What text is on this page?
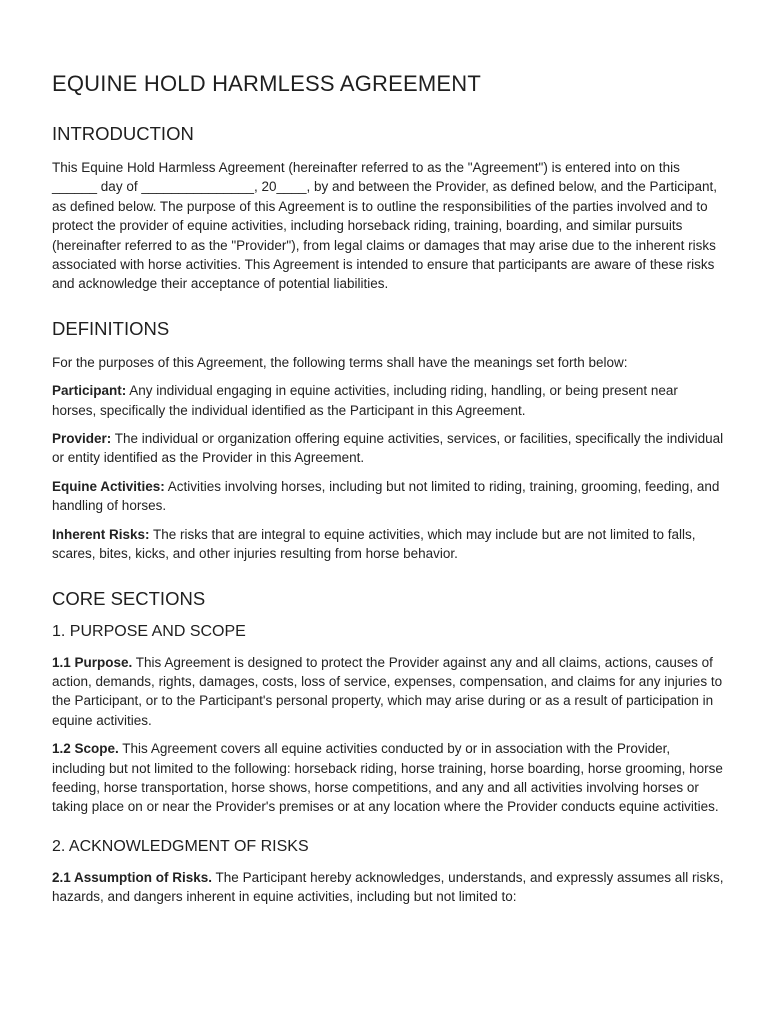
EQUINE HOLD HARMLESS AGREEMENT
INTRODUCTION

This Equine Hold Harmless Agreement (hereinafter referred to as the "Agreement") is entered into on this ______ day of _______________, 20____, by and between the Provider, as defined below, and the Participant, as defined below. The purpose of this Agreement is to outline the responsibilities of the parties involved and to protect the provider of equine activities, including horseback riding, training, boarding, and similar pursuits (hereinafter referred to as the "Provider"), from legal claims or damages that may arise due to the inherent risks associated with horse activities. This Agreement is intended to ensure that participants are aware of these risks and acknowledge their acceptance of potential liabilities.

DEFINITIONS

For the purposes of this Agreement, the following terms shall have the meanings set forth below:

Participant: Any individual engaging in equine activities, including riding, handling, or being present near horses, specifically the individual identified as the Participant in this Agreement.

Provider: The individual or organization offering equine activities, services, or facilities, specifically the individual or entity identified as the Provider in this Agreement.

Equine Activities: Activities involving horses, including but not limited to riding, training, grooming, feeding, and handling of horses.

Inherent Risks: The risks that are integral to equine activities, which may include but are not limited to falls, scares, bites, kicks, and other injuries resulting from horse behavior.

CORE SECTIONS
1. PURPOSE AND SCOPE

1.1 Purpose. This Agreement is designed to protect the Provider against any and all claims, actions, causes of action, demands, rights, damages, costs, loss of service, expenses, compensation, and claims for any injuries to the Participant, or to the Participant's personal property, which may arise during or as a result of participation in equine activities.

1.2 Scope. This Agreement covers all equine activities conducted by or in association with the Provider, including but not limited to the following: horseback riding, horse training, horse boarding, horse grooming, horse feeding, horse transportation, horse shows, horse competitions, and any and all activities involving horses or taking place on or near the Provider's premises or at any location where the Provider conducts equine activities.

2. ACKNOWLEDGMENT OF RISKS

2.1 Assumption of Risks. The Participant hereby acknowledges, understands, and expressly assumes all risks, hazards, and dangers inherent in equine activities, including but not limited to:
